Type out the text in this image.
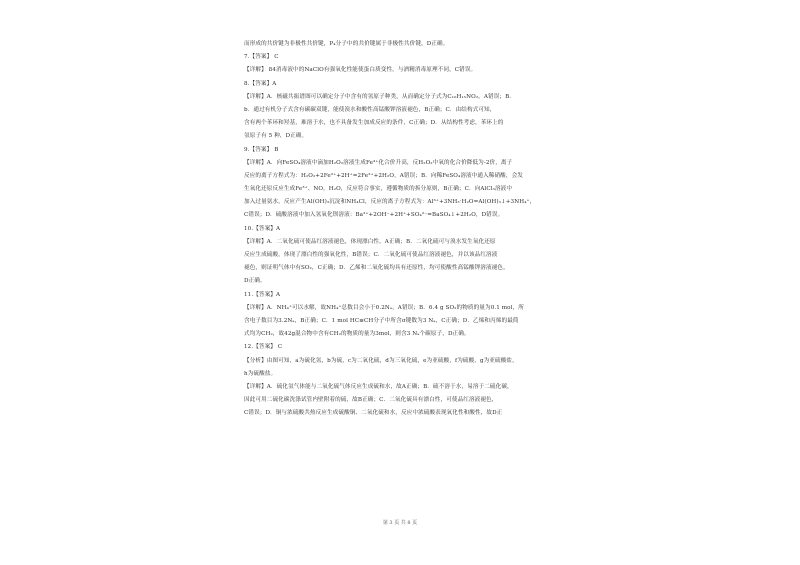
而形成的共价键为非极性共价键，P₄分子中的共价键属于非极性共价键，D正确。
7.【答案】 C
【详解】 84消毒液中的NaClO有强氧化性能使蛋白质变性，与酒精消毒原理不同，C错误。
8.【答案】A
【详解】A．核磁共振谱图可以确定分子中含有的氢原子种类，从而确定分子式为C₁₀H₁₅NO₂，A错误；B．
b．通过有机分子式含有碳碳双键，能使溴水和酸性高锰酸钾溶液褪色，B正确；C．由结构式可知，
含有两个苯环和羟基，难溶于水，也不具备发生加成反应的条件，C正确；D．从结构性考虑，苯环上的
氢原子有 5 种，D正确。
9.【答案】 B
【详解】A．向FeSO₄溶液中滴加H₂O₂溶液生成Fe³⁺化合价升高，反H₂O₂中氧的化合价降低为-2价，离子
反应的离子方程式为：H₂O₂+2Fe²⁺+2H⁺=2Fe³⁺+2H₂O，A错误；B．向稀FeSO₄溶液中通入稀硝酸，会发
生氧化还原反应生成Fe³⁺、NO，H₂O，反应符合事实，遵循物质的拆分原则，B正确；C．向AlCl₃溶液中
加入过量氨水，反应产生Al(OH)₃沉淀和NH₄Cl，反应的离子方程式为：Al³⁺+3NH₃·H₂O=Al(OH)₃↓+3NH₄⁺，
C错误；D．硫酸溶液中加入氢氧化钡溶液：Ba²⁺+2OH⁻+2H⁺+SO₄²⁻=BaSO₄↓+2H₂O，D错误。
10.【答案】A
【详解】A．二氧化硫可使品红溶液褪色，体现漂白性，A正确；B．二氧化硫可与溴水发生氧化还原
反应生成硫酸，体现了漂白性的强氧化性，B错误；C．二氧化硫可使品红溶液褪色，并以该品红溶液
褪色，则证明气体中有SO₂，C正确；D．乙烯和二氧化硫均具有还原性，均可使酸性高锰酸钾溶液褪色，
D正确。
11.【答案】A
【详解】A．NH₄⁺可以水解，故NH₄⁺总数目会小于0.2Nₐ，A错误；B．6.4 g SO₂的物质的量为0.1 mol，所
含电子数目为3.2Nₐ，B正确；C．1 mol HC≡CH分子中所含σ键数为3 Nₐ，C正确；D．乙烯和丙烯的最简
式均为CH₂，故42g混合物中含有CH₂的物质的量为3mol，则含3 Nₐ个碳原子，D正确。
12.【答案】 C
【分析】由图可知，a为硫化氢，b为硫，c为二氧化硫，d为三氧化硫，e为亚硫酸，f为硫酸，g为亚硫酸盐，
h为硫酸盐。
【详解】A．硫化氢气体能与二氧化硫气体反应生成硫和水，故A正确；B．硫不溶于水，易溶于二硫化碳，
因此可用二硫化碳洗涤试管内壁附着的硫，故B正确；C．二氧化硫具有漂白性，可使品红溶液褪色，
C错误；D．铜与浓硫酸共热反应生成硫酸铜、二氧化硫和水，反应中浓硫酸表现氧化性和酸性，故D正
第 3 页 共 8 页
